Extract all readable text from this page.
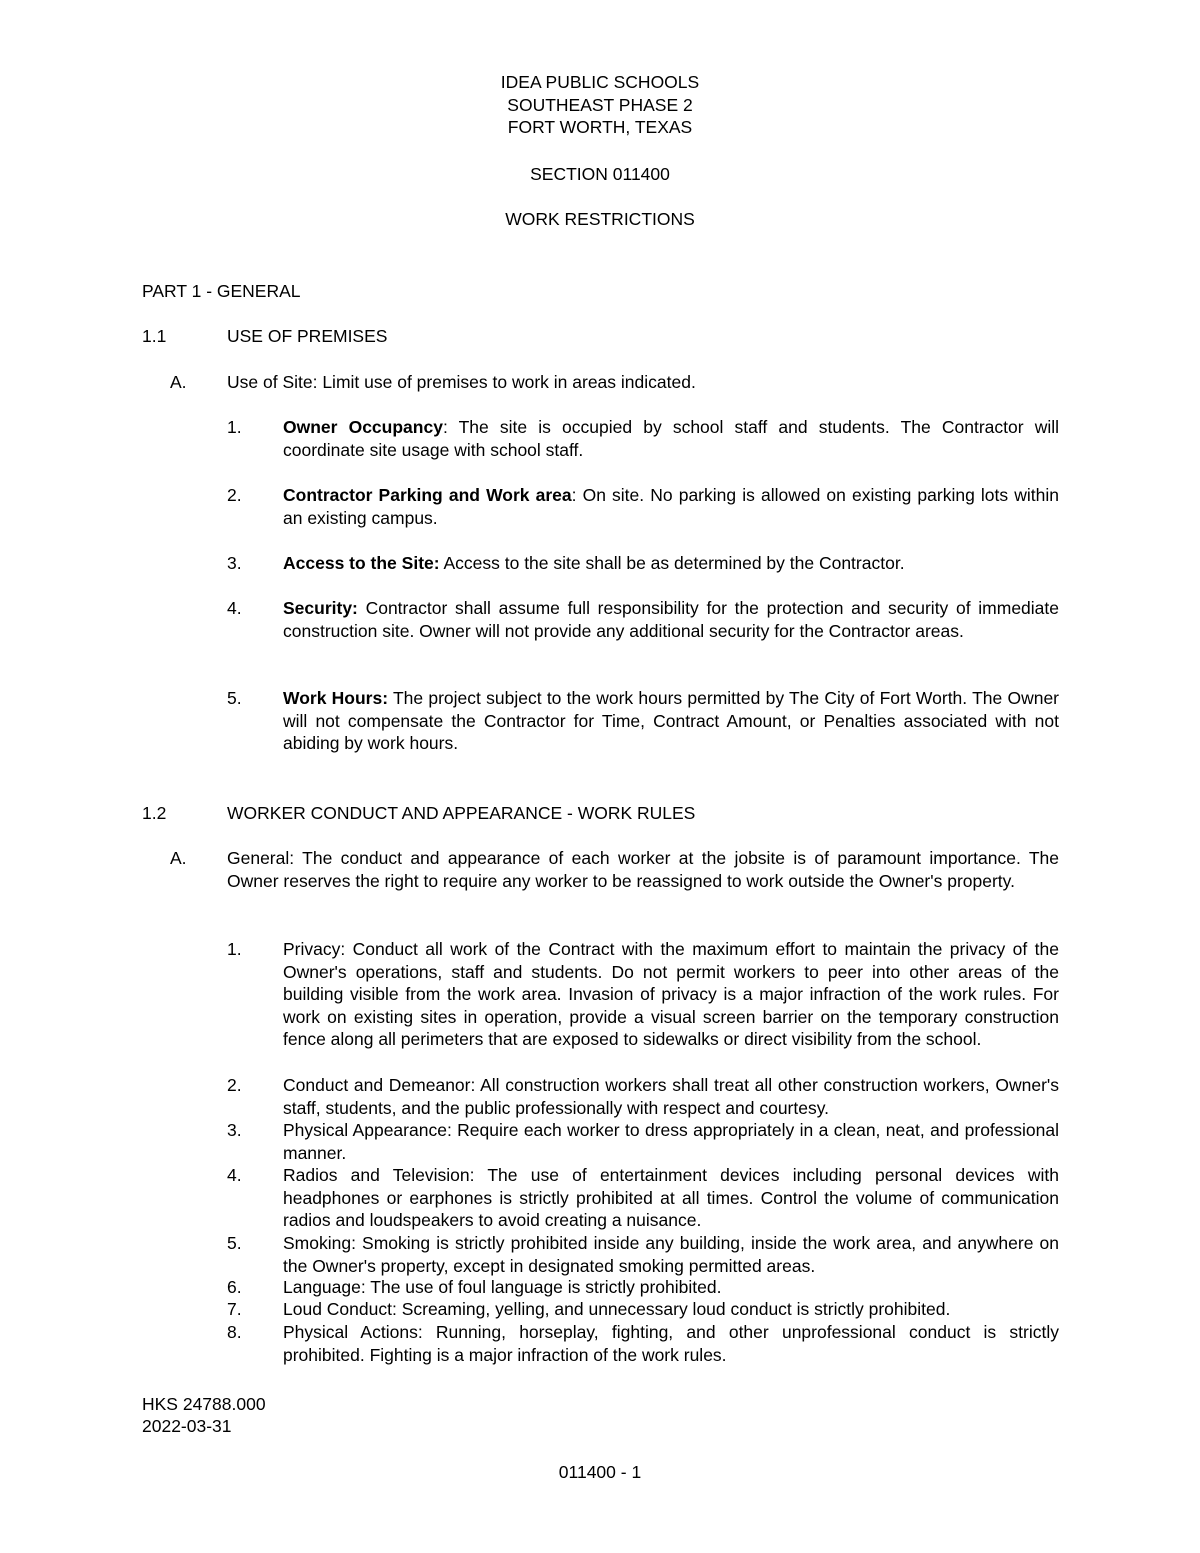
IDEA PUBLIC SCHOOLS
SOUTHEAST PHASE 2
FORT WORTH, TEXAS
SECTION 011400
WORK RESTRICTIONS
PART 1 - GENERAL
1.1	USE OF PREMISES
A. Use of Site: Limit use of premises to work in areas indicated.
1. Owner Occupancy: The site is occupied by school staff and students. The Contractor will coordinate site usage with school staff.
2. Contractor Parking and Work area: On site. No parking is allowed on existing parking lots within an existing campus.
3. Access to the Site: Access to the site shall be as determined by the Contractor.
4. Security: Contractor shall assume full responsibility for the protection and security of immediate construction site. Owner will not provide any additional security for the Contractor areas.
5. Work Hours: The project subject to the work hours permitted by The City of Fort Worth. The Owner will not compensate the Contractor for Time, Contract Amount, or Penalties associated with not abiding by work hours.
1.2	WORKER CONDUCT AND APPEARANCE - WORK RULES
A. General: The conduct and appearance of each worker at the jobsite is of paramount importance. The Owner reserves the right to require any worker to be reassigned to work outside the Owner's property.
1. Privacy: Conduct all work of the Contract with the maximum effort to maintain the privacy of the Owner's operations, staff and students. Do not permit workers to peer into other areas of the building visible from the work area. Invasion of privacy is a major infraction of the work rules. For work on existing sites in operation, provide a visual screen barrier on the temporary construction fence along all perimeters that are exposed to sidewalks or direct visibility from the school.
2. Conduct and Demeanor: All construction workers shall treat all other construction workers, Owner's staff, students, and the public professionally with respect and courtesy.
3. Physical Appearance: Require each worker to dress appropriately in a clean, neat, and professional manner.
4. Radios and Television: The use of entertainment devices including personal devices with headphones or earphones is strictly prohibited at all times. Control the volume of communication radios and loudspeakers to avoid creating a nuisance.
5. Smoking: Smoking is strictly prohibited inside any building, inside the work area, and anywhere on the Owner's property, except in designated smoking permitted areas.
6. Language: The use of foul language is strictly prohibited.
7. Loud Conduct: Screaming, yelling, and unnecessary loud conduct is strictly prohibited.
8. Physical Actions: Running, horseplay, fighting, and other unprofessional conduct is strictly prohibited. Fighting is a major infraction of the work rules.
HKS 24788.000
2022-03-31
011400 - 1
